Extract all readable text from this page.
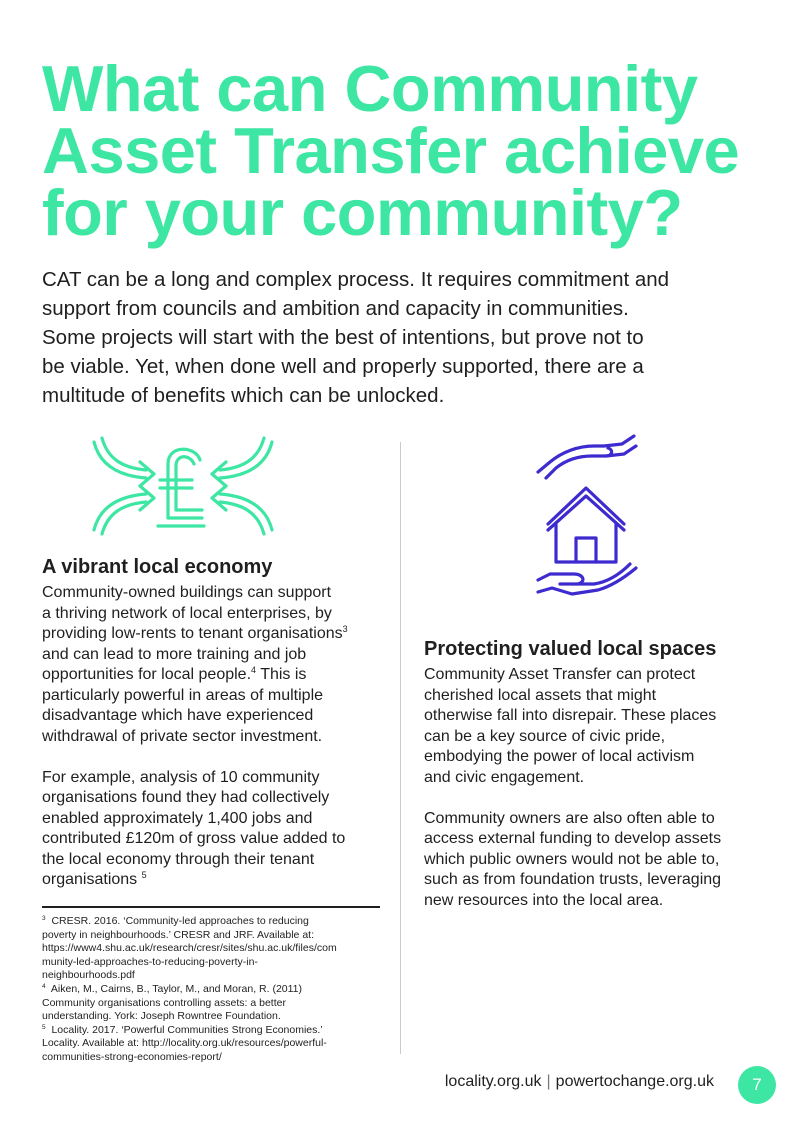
What can Community
Asset Transfer achieve
for your community?

CAT can be a long and complex process. It requires commitment and
support from councils and ambition and capacity in communities.
Some projects will start with the best of intentions, but prove not to
be viable. Yet, when done well and properly supported, there are a
multitude of benefits which can be unlocked.

A vibrant local economy

Community-owned buildings can support
a thriving network of local enterprises, by
providing low-rents to tenant organisations$^3$
and can lead to more training and job
opportunities for local people.$^4$ This is
particularly powerful in areas of multiple
disadvantage which have experienced
withdrawal of private sector investment.

For example, analysis of 10 community
organisations found they had collectively
enabled approximately 1,400 jobs and
contributed £120m of gross value added to
the local economy through their tenant
organisations $^5$

$^3$ CRESR. 2016. ‘Community-led approaches to reducing
poverty in neighbourhoods.’ CRESR and JRF. Available at:
https://www4.shu.ac.uk/research/cresr/sites/shu.ac.uk/files/com
munity-led-approaches-to-reducing-poverty-in-
neighbourhoods.pdf
$^4$ Aiken, M., Cairns, B., Taylor, M., and Moran, R. (2011)
Community organisations controlling assets: a better
understanding. York: Joseph Rowntree Foundation.
$^5$ Locality. 2017. ‘Powerful Communities Strong Economies.’
Locality. Available at: http://locality.org.uk/resources/powerful-
communities-strong-economies-report/
Protecting valued local spaces

Community Asset Transfer can protect
cherished local assets that might
otherwise fall into disrepair. These places
can be a key source of civic pride,
embodying the power of local activism
and civic engagement.

Community owners are also often able to
access external funding to develop assets
which public owners would not be able to,
such as from foundation trusts, leveraging
new resources into the local area.

locality.org.uk | powertochange.org.uk	7
